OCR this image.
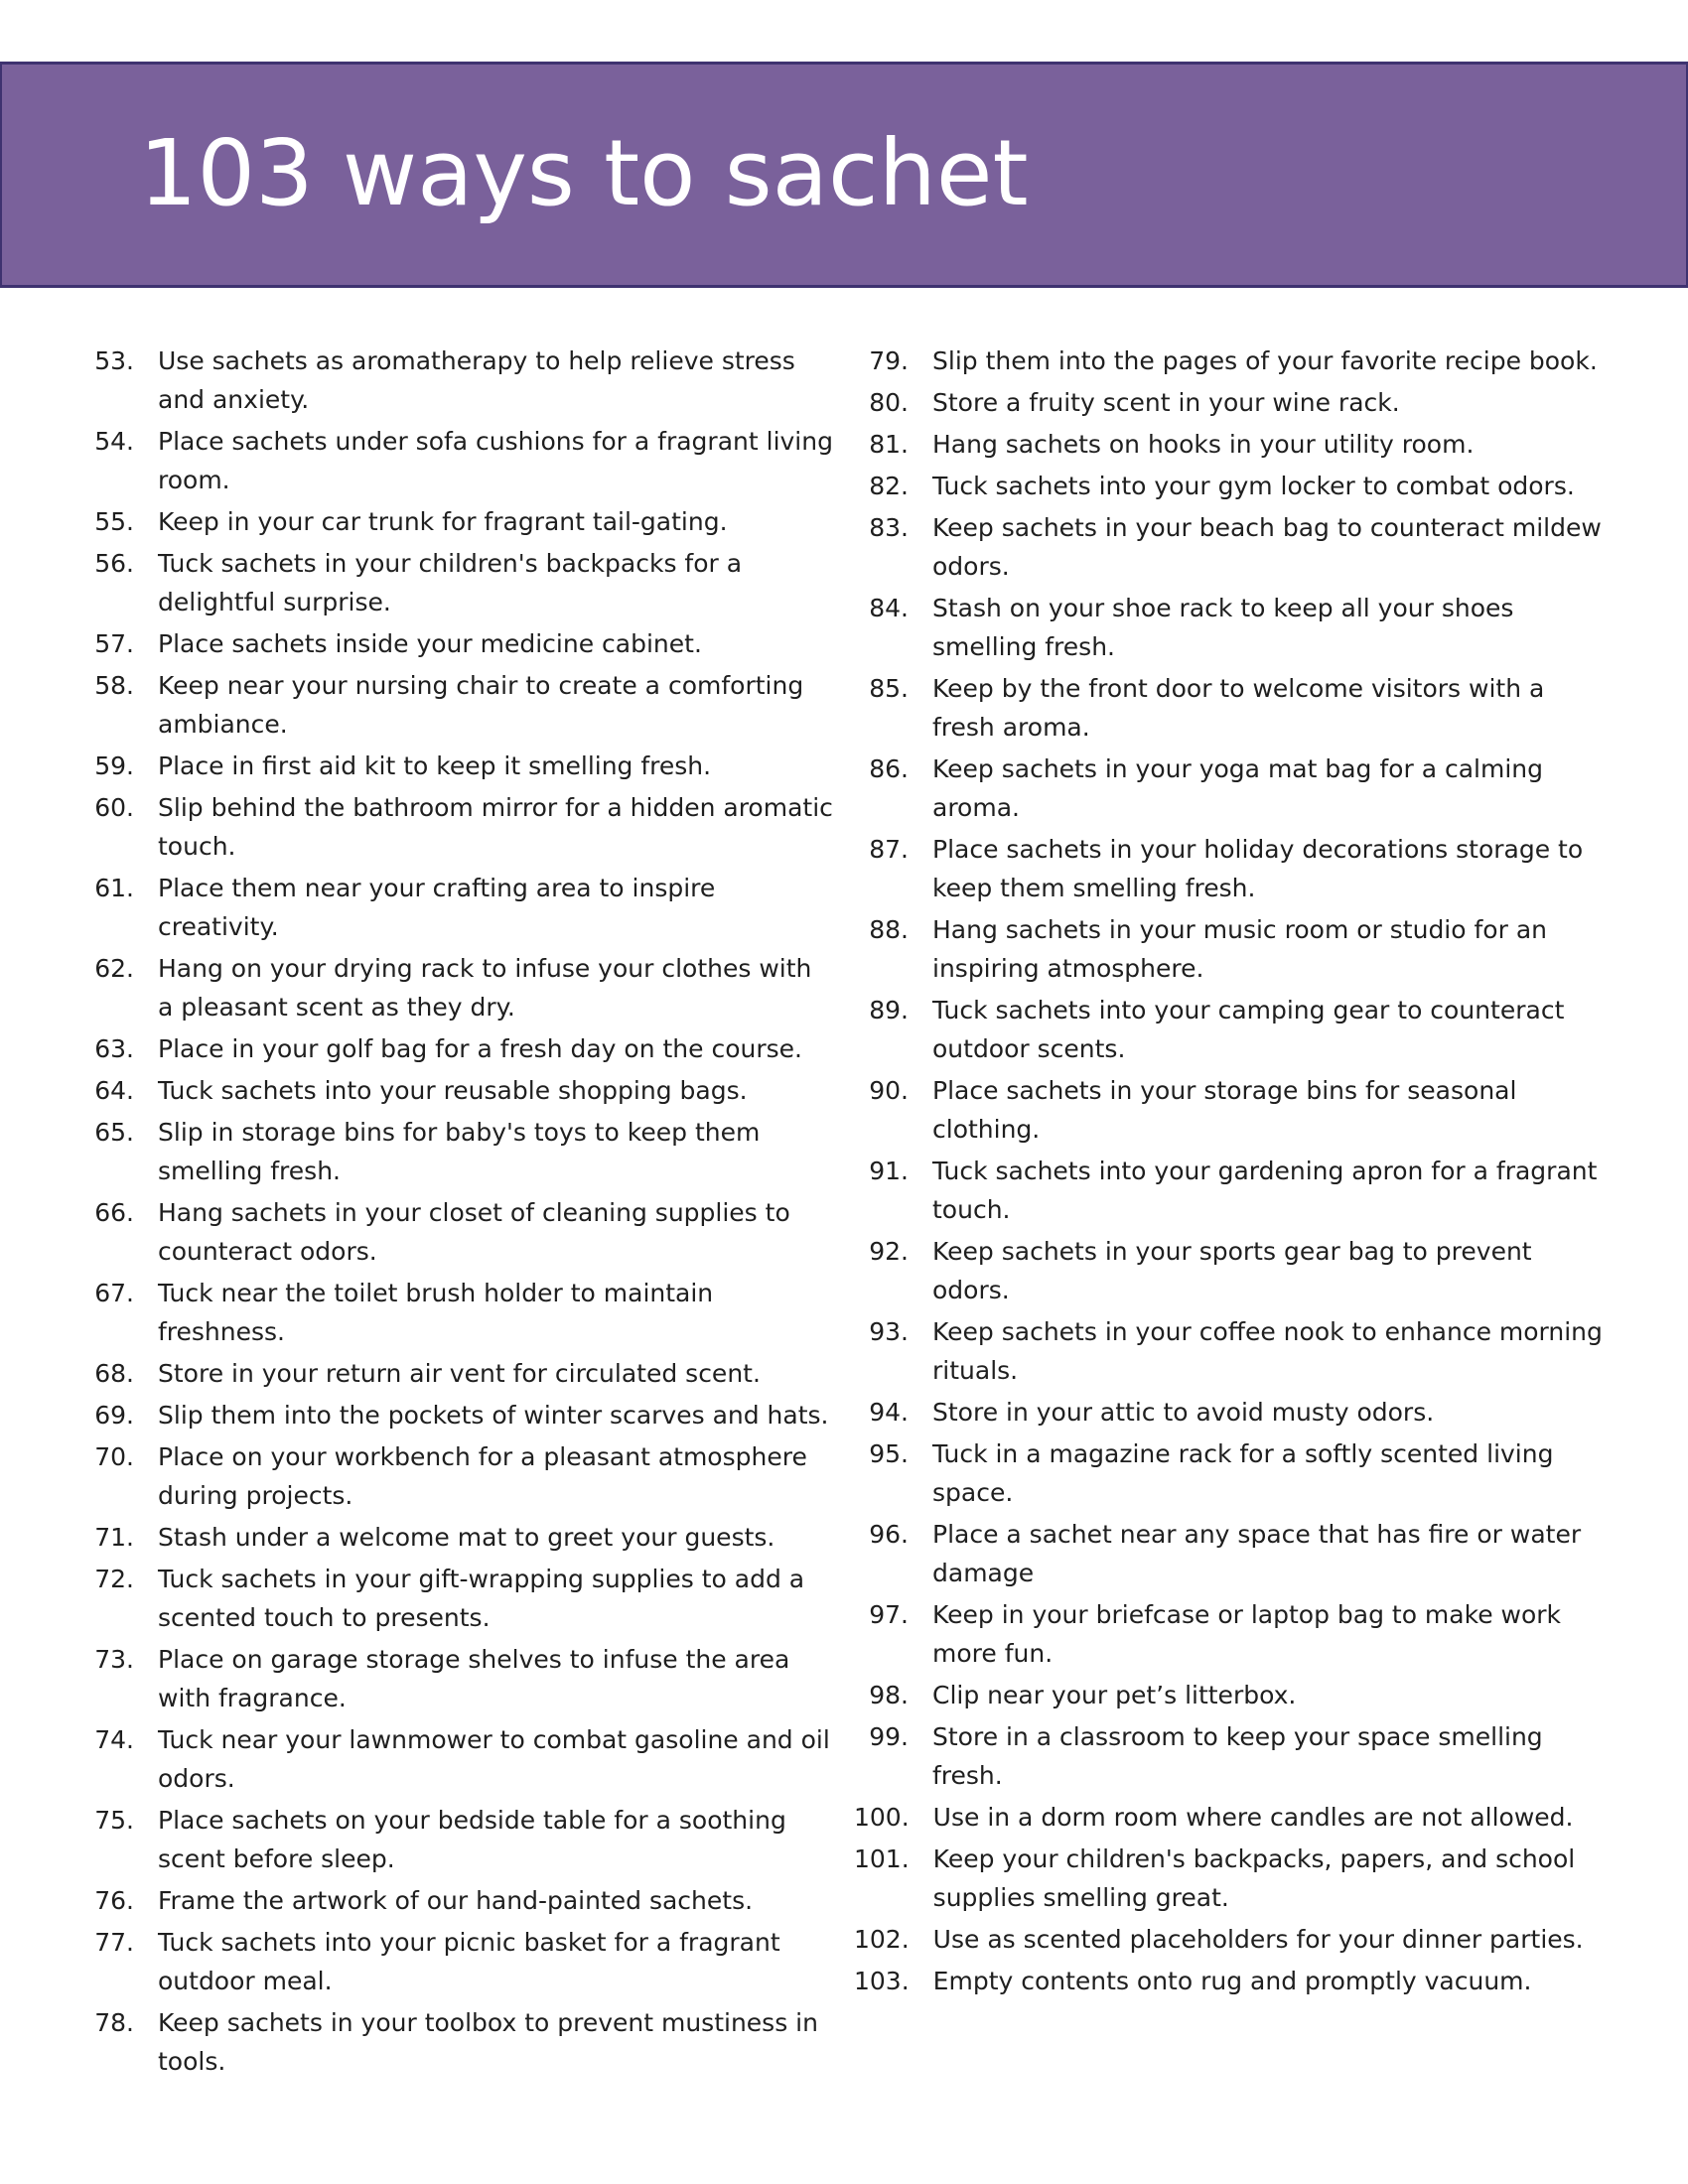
103 ways to sachet
53. Use sachets as aromatherapy to help relieve stress and anxiety.
54. Place sachets under sofa cushions for a fragrant living room.
55. Keep in your car trunk for fragrant tail-gating.
56. Tuck sachets in your children's backpacks for a delightful surprise.
57. Place sachets inside your medicine cabinet.
58. Keep near your nursing chair to create a comforting ambiance.
59. Place in first aid kit to keep it smelling fresh.
60. Slip behind the bathroom mirror for a hidden aromatic touch.
61. Place them near your crafting area to inspire creativity.
62. Hang on your drying rack to infuse your clothes with a pleasant scent as they dry.
63. Place in your golf bag for a fresh day on the course.
64. Tuck sachets into your reusable shopping bags.
65. Slip in storage bins for baby's toys to keep them smelling fresh.
66. Hang sachets in your closet of cleaning supplies to counteract odors.
67. Tuck near the toilet brush holder to maintain freshness.
68. Store in your return air vent for circulated scent.
69. Slip them into the pockets of winter scarves and hats.
70. Place on your workbench for a pleasant atmosphere during projects.
71. Stash under a welcome mat to greet your guests.
72. Tuck sachets in your gift-wrapping supplies to add a scented touch to presents.
73. Place on garage storage shelves to infuse the area with fragrance.
74. Tuck near your lawnmower to combat gasoline and oil odors.
75. Place sachets on your bedside table for a soothing scent before sleep.
76. Frame the artwork of our hand-painted sachets.
77. Tuck sachets into your picnic basket for a fragrant outdoor meal.
78. Keep sachets in your toolbox to prevent mustiness in tools.
79. Slip them into the pages of your favorite recipe book.
80. Store a fruity scent in your wine rack.
81. Hang sachets on hooks in your utility room.
82. Tuck sachets into your gym locker to combat odors.
83. Keep sachets in your beach bag to counteract mildew odors.
84. Stash on your shoe rack to keep all your shoes smelling fresh.
85. Keep by the front door to welcome visitors with a fresh aroma.
86. Keep sachets in your yoga mat bag for a calming aroma.
87. Place sachets in your holiday decorations storage to keep them smelling fresh.
88. Hang sachets in your music room or studio for an inspiring atmosphere.
89. Tuck sachets into your camping gear to counteract outdoor scents.
90. Place sachets in your storage bins for seasonal clothing.
91. Tuck sachets into your gardening apron for a fragrant touch.
92. Keep sachets in your sports gear bag to prevent odors.
93. Keep sachets in your coffee nook to enhance morning rituals.
94. Store in your attic to avoid musty odors.
95. Tuck in a magazine rack for a softly scented living space.
96. Place a sachet near any space that has fire or water damage
97. Keep in your briefcase or laptop bag to make work more fun.
98. Clip near your pet’s litterbox.
99. Store in a classroom to keep your space smelling fresh.
100. Use in a dorm room where candles are not allowed.
101. Keep your children's backpacks, papers, and school supplies smelling great.
102. Use as scented placeholders for your dinner parties.
103. Empty contents onto rug and promptly vacuum.
